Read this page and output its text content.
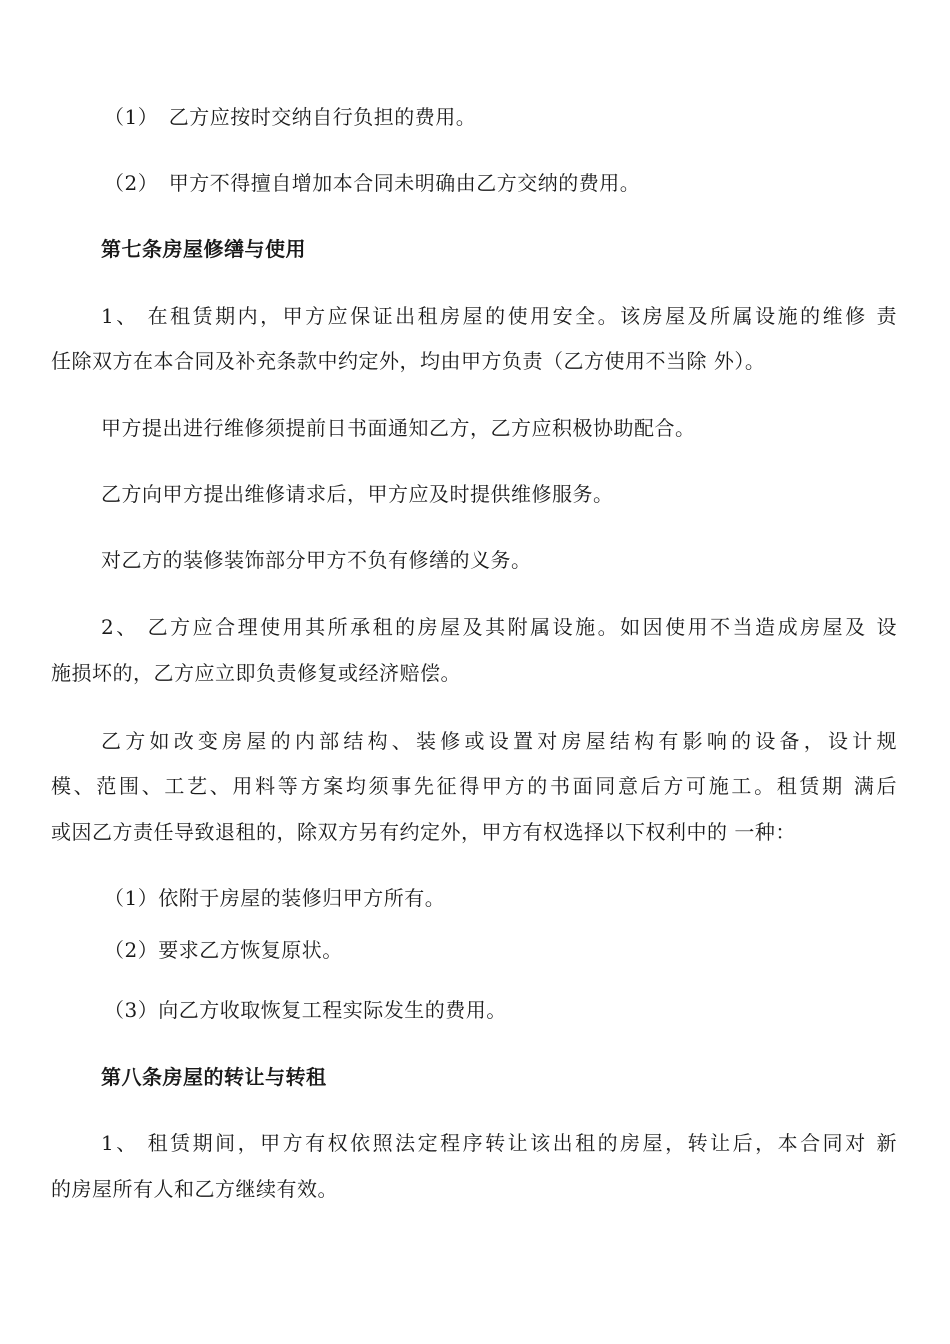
（1）　乙方应按时交纳自行负担的费用。
（2）　甲方不得擅自增加本合同未明确由乙方交纳的费用。
第七条房屋修缮与使用
1、 在租赁期内，甲方应保证出租房屋的使用安全。该房屋及所属设施的维修 责
任除双方在本合同及补充条款中约定外，均由甲方负责（乙方使用不当除 外）。
甲方提出进行维修须提前日书面通知乙方，乙方应积极协助配合。
乙方向甲方提出维修请求后，甲方应及时提供维修服务。
对乙方的装修装饰部分甲方不负有修缮的义务。
2、 乙方应合理使用其所承租的房屋及其附属设施。如因使用不当造成房屋及 设
施损坏的，乙方应立即负责修复或经济赔偿。
乙方如改变房屋的内部结构、装修或设置对房屋结构有影响的设备，设计规
模、范围、工艺、用料等方案均须事先征得甲方的书面同意后方可施工。租赁期 满后
或因乙方责任导致退租的，除双方另有约定外，甲方有权选择以下权利中的 一种：
（1）依附于房屋的装修归甲方所有。
（2）要求乙方恢复原状。
（3）向乙方收取恢复工程实际发生的费用。
第八条房屋的转让与转租
1、 租赁期间，甲方有权依照法定程序转让该出租的房屋，转让后，本合同对 新
的房屋所有人和乙方继续有效。
